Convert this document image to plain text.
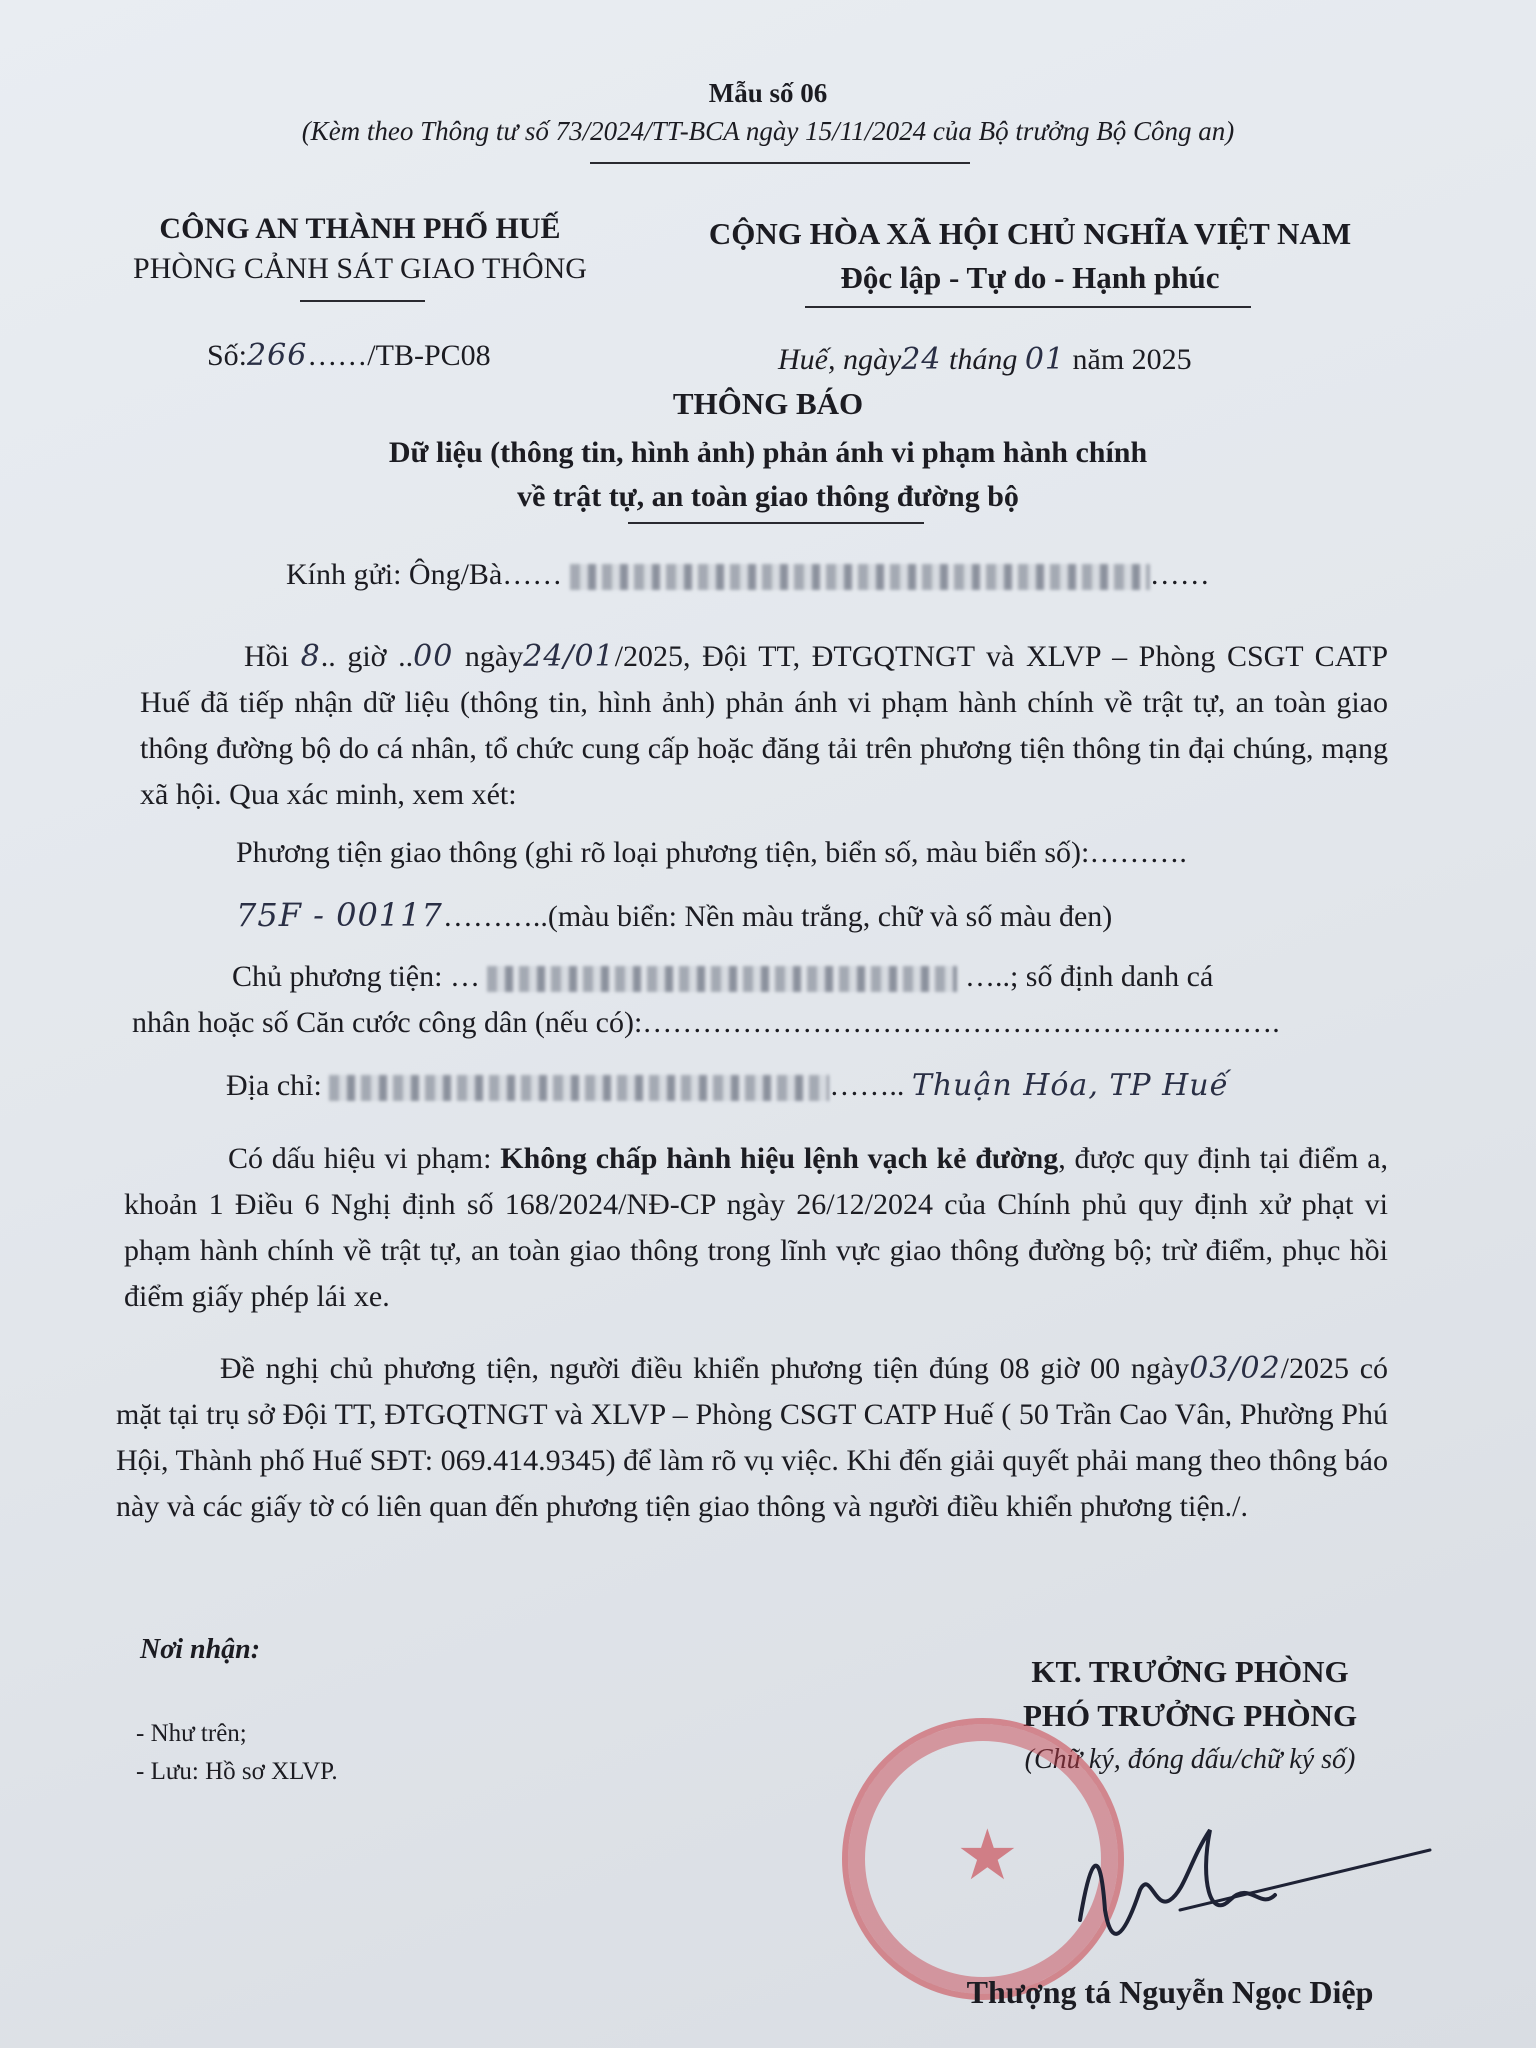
Mẫu số 06
(Kèm theo Thông tư số 73/2024/TT-BCA ngày 15/11/2024 của Bộ trưởng Bộ Công an)
CÔNG AN THÀNH PHỐ HUẾ
PHÒNG CẢNH SÁT GIAO THÔNG
CỘNG HÒA XÃ HỘI CHỦ NGHĨA VIỆT NAM
Độc lập - Tự do - Hạnh phúc
Số:266……/TB-PC08	Huế, ngày24 tháng 01 năm 2025
THÔNG BÁO
Dữ liệu (thông tin, hình ảnh) phản ánh vi phạm hành chính
về trật tự, an toàn giao thông đường bộ
Kính gửi: Ông/Bà……	……

Hồi 8.. giờ ..00 ngày24/01/2025, Đội TT, ĐTGQTNGT và XLVP – Phòng CSGT CATP Huế đã tiếp nhận dữ liệu (thông tin, hình ảnh) phản ánh vi phạm hành chính về trật tự, an toàn giao thông đường bộ do cá nhân, tổ chức cung cấp hoặc đăng tải trên phương tiện thông tin đại chúng, mạng xã hội. Qua xác minh, xem xét:

Phương tiện giao thông (ghi rõ loại phương tiện, biển số, màu biển số):……….
75F - 00117………..(màu biển: Nền màu trắng, chữ và số màu đen)
Chủ phương tiện: …	…..; số định danh cá
nhân hoặc số Căn cước công dân (nếu có):……………………………………………………….
Địa chỉ:	…….. Thuận Hóa, TP Huế

Có dấu hiệu vi phạm: Không chấp hành hiệu lệnh vạch kẻ đường, được quy định tại điểm a, khoản 1 Điều 6 Nghị định số 168/2024/NĐ-CP ngày 26/12/2024 của Chính phủ quy định xử phạt vi phạm hành chính về trật tự, an toàn giao thông trong lĩnh vực giao thông đường bộ; trừ điểm, phục hồi điểm giấy phép lái xe.

Đề nghị chủ phương tiện, người điều khiển phương tiện đúng 08 giờ 00 ngày03/02/2025 có mặt tại trụ sở Đội TT, ĐTGQTNGT và XLVP – Phòng CSGT CATP Huế ( 50 Trần Cao Vân, Phường Phú Hội, Thành phố Huế SĐT: 069.414.9345) để làm rõ vụ việc. Khi đến giải quyết phải mang theo thông báo này và các giấy tờ có liên quan đến phương tiện giao thông và người điều khiển phương tiện./.

Nơi nhận:
- Như trên;
- Lưu: Hồ sơ XLVP.
KT. TRƯỞNG PHÒNG
PHÓ TRƯỞNG PHÒNG
(Chữ ký, đóng dấu/chữ ký số)
★
Thượng tá Nguyễn Ngọc Diệp
